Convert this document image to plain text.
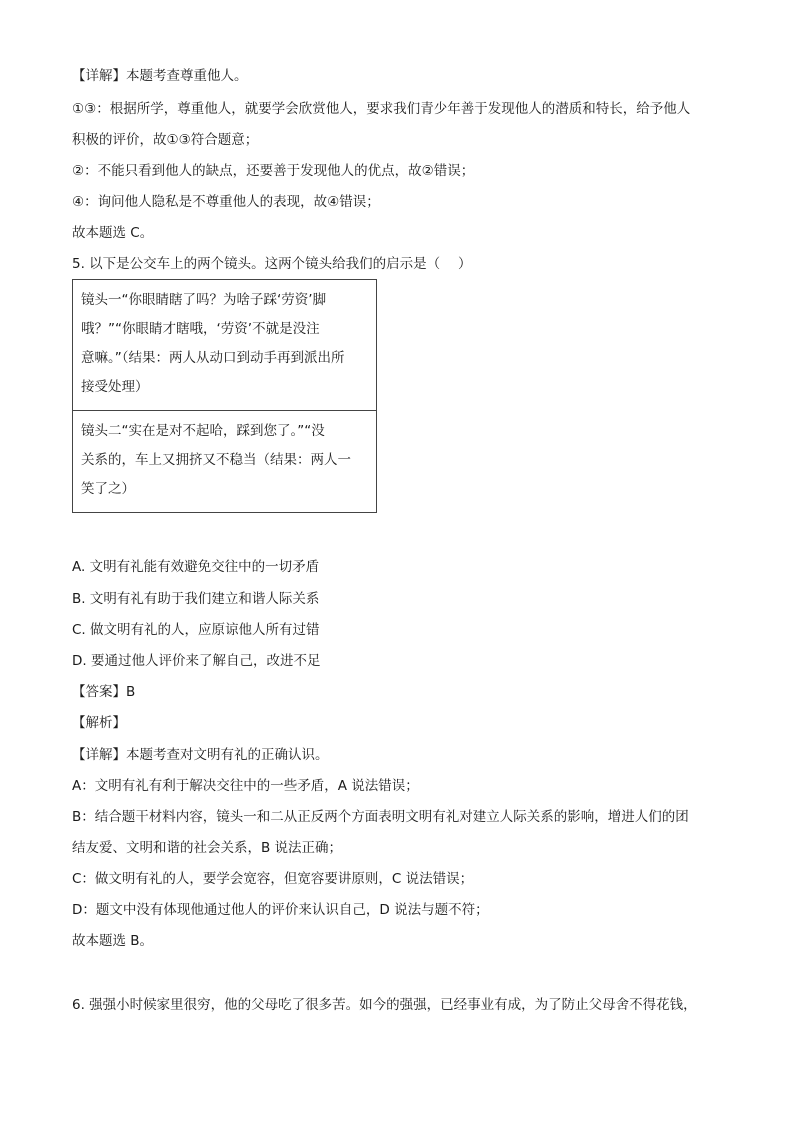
【详解】本题考查尊重他人。
①③：根据所学，尊重他人，就要学会欣赏他人，要求我们青少年善于发现他人的潜质和特长，给予他人
积极的评价，故①③符合题意；
②：不能只看到他人的缺点，还要善于发现他人的优点，故②错误；
④：询问他人隐私是不尊重他人的表现，故④错误；
故本题选 C。
5. 以下是公交车上的两个镜头。这两个镜头给我们的启示是（　 ）
镜头一“你眼睛瞎了吗？为啥子踩‘劳资’脚
哦？”“你眼睛才瞎哦，‘劳资’不就是没注
意嘛。”（结果：两人从动口到动手再到派出所
接受处理）
镜头二“实在是对不起哈，踩到您了。”“没
关系的，车上又拥挤又不稳当（结果：两人一
笑了之）
A. 文明有礼能有效避免交往中的一切矛盾
B. 文明有礼有助于我们建立和谐人际关系
C. 做文明有礼的人，应原谅他人所有过错
D. 要通过他人评价来了解自己，改进不足
【答案】B
【解析】
【详解】本题考查对文明有礼的正确认识。
A：文明有礼有利于解决交往中的一些矛盾，A 说法错误；
B：结合题干材料内容，镜头一和二从正反两个方面表明文明有礼对建立人际关系的影响，增进人们的团
结友爱、文明和谐的社会关系，B 说法正确；
C：做文明有礼的人，要学会宽容，但宽容要讲原则，C 说法错误；
D：题文中没有体现他通过他人的评价来认识自己，D 说法与题不符；
故本题选 B。
6. 强强小时候家里很穷，他的父母吃了很多苦。如今的强强，已经事业有成，为了防止父母舍不得花钱，
